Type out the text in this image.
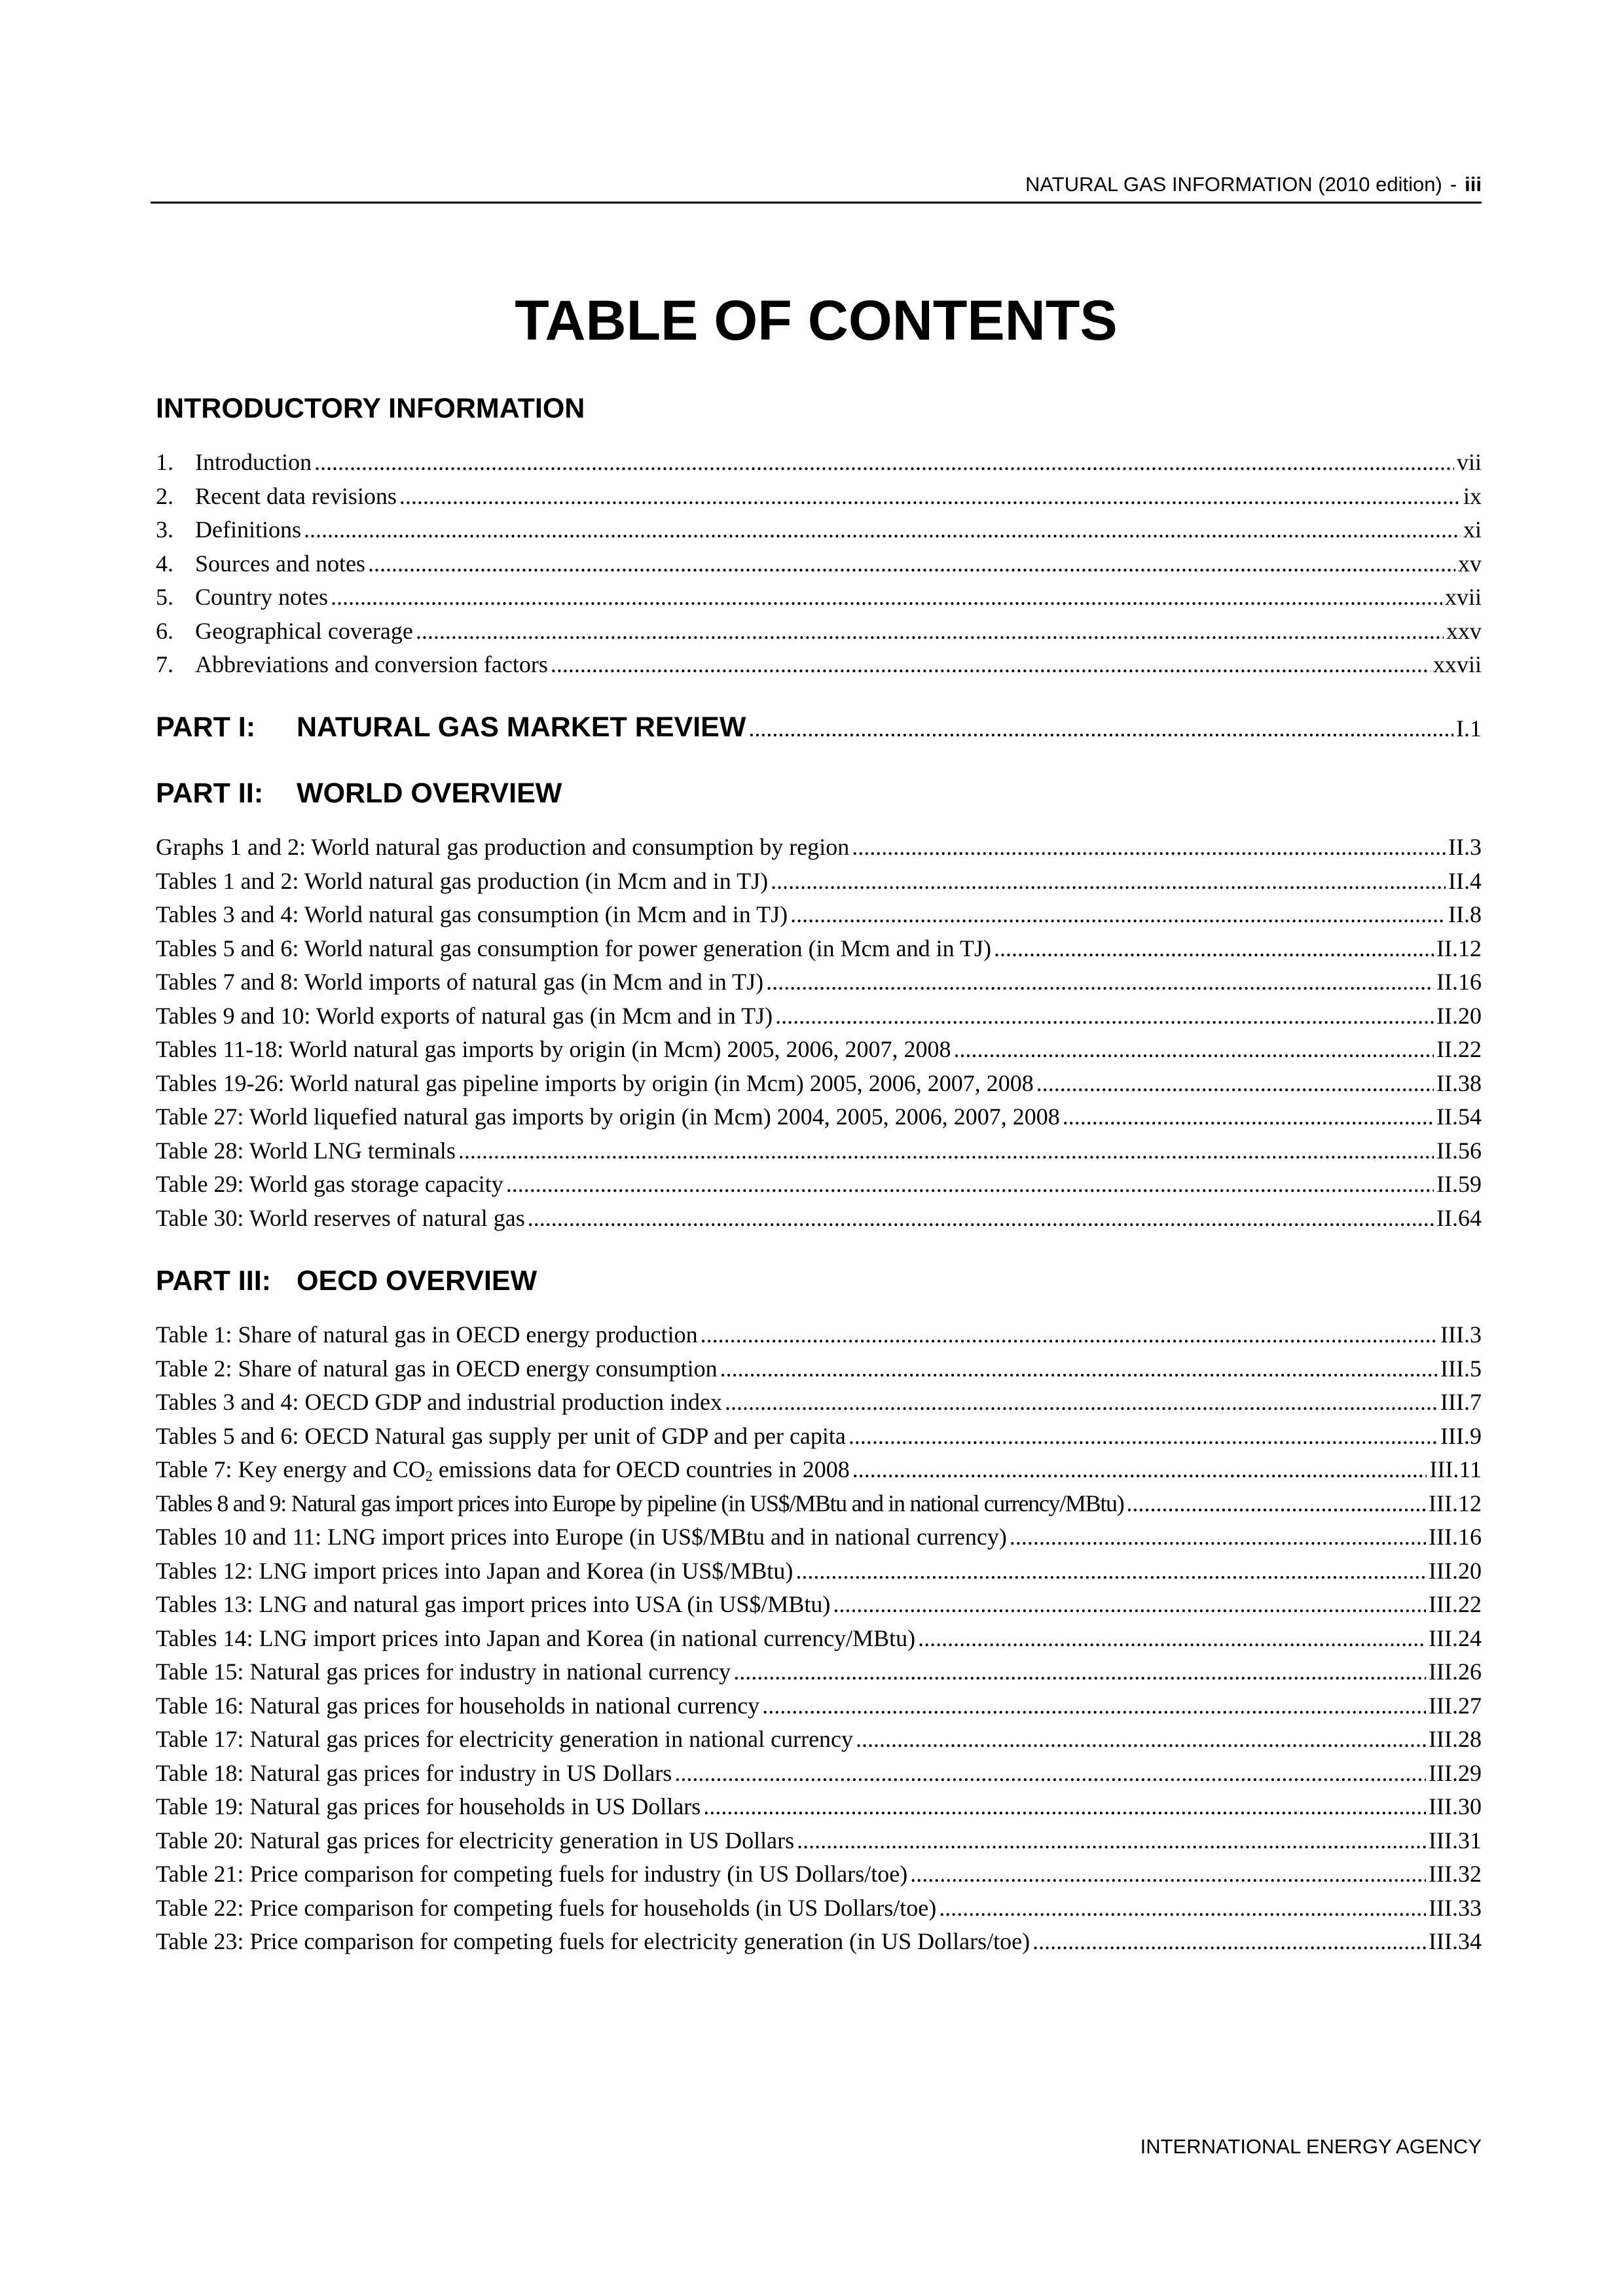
NATURAL GAS INFORMATION (2010 edition) - iii
TABLE OF CONTENTS
INTRODUCTORY INFORMATION
1. Introduction .....	vii
2. Recent data revisions .....	ix
3. Definitions .....	xi
4. Sources and notes .....	xv
5. Country notes .....	xvii
6. Geographical coverage .....	xxv
7. Abbreviations and conversion factors .....	xxvii
PART I: NATURAL GAS MARKET REVIEW .....	I.1
PART II: WORLD OVERVIEW
Graphs 1 and 2: World natural gas production and consumption by region .....	II.3
Tables 1 and 2: World natural gas production (in Mcm and in TJ) .....	II.4
Tables 3 and 4: World natural gas consumption (in Mcm and in TJ) .....	II.8
Tables 5 and 6: World natural gas consumption for power generation (in Mcm and in TJ) .....	II.12
Tables 7 and 8: World imports of natural gas (in Mcm and in TJ) .....	II.16
Tables 9 and 10: World exports of natural gas (in Mcm and in TJ) .....	II.20
Tables 11-18: World natural gas imports by origin (in Mcm) 2005, 2006, 2007, 2008 .....	II.22
Tables 19-26: World natural gas pipeline imports by origin (in Mcm) 2005, 2006, 2007, 2008 .....	II.38
Table 27: World liquefied natural gas imports by origin (in Mcm) 2004, 2005, 2006, 2007, 2008 .....	II.54
Table 28: World LNG terminals .....	II.56
Table 29: World gas storage capacity .....	II.59
Table 30: World reserves of natural gas .....	II.64
PART III: OECD OVERVIEW
Table 1: Share of natural gas in OECD energy production .....	III.3
Table 2: Share of natural gas in OECD energy consumption .....	III.5
Tables 3 and 4: OECD GDP and industrial production index .....	III.7
Tables 5 and 6: OECD Natural gas supply per unit of GDP and per capita .....	III.9
Table 7: Key energy and $CO_2$ emissions data for OECD countries in 2008 .....	III.11
Tables 8 and 9: Natural gas import prices into Europe by pipeline (in US$/MBtu and in national currency/MBtu) .....	III.12
Tables 10 and 11: LNG import prices into Europe (in US$/MBtu and in national currency) .....	III.16
Tables 12: LNG import prices into Japan and Korea (in US$/MBtu) .....	III.20
Tables 13: LNG and natural gas import prices into USA (in US$/MBtu) .....	III.22
Tables 14: LNG import prices into Japan and Korea (in national currency/MBtu) .....	III.24
Table 15: Natural gas prices for industry in national currency .....	III.26
Table 16: Natural gas prices for households in national currency .....	III.27
Table 17: Natural gas prices for electricity generation in national currency .....	III.28
Table 18: Natural gas prices for industry in US Dollars .....	III.29
Table 19: Natural gas prices for households in US Dollars .....	III.30
Table 20: Natural gas prices for electricity generation in US Dollars .....	III.31
Table 21: Price comparison for competing fuels for industry (in US Dollars/toe) .....	III.32
Table 22: Price comparison for competing fuels for households (in US Dollars/toe) .....	III.33
Table 23: Price comparison for competing fuels for electricity generation (in US Dollars/toe) .....	III.34
INTERNATIONAL ENERGY AGENCY
